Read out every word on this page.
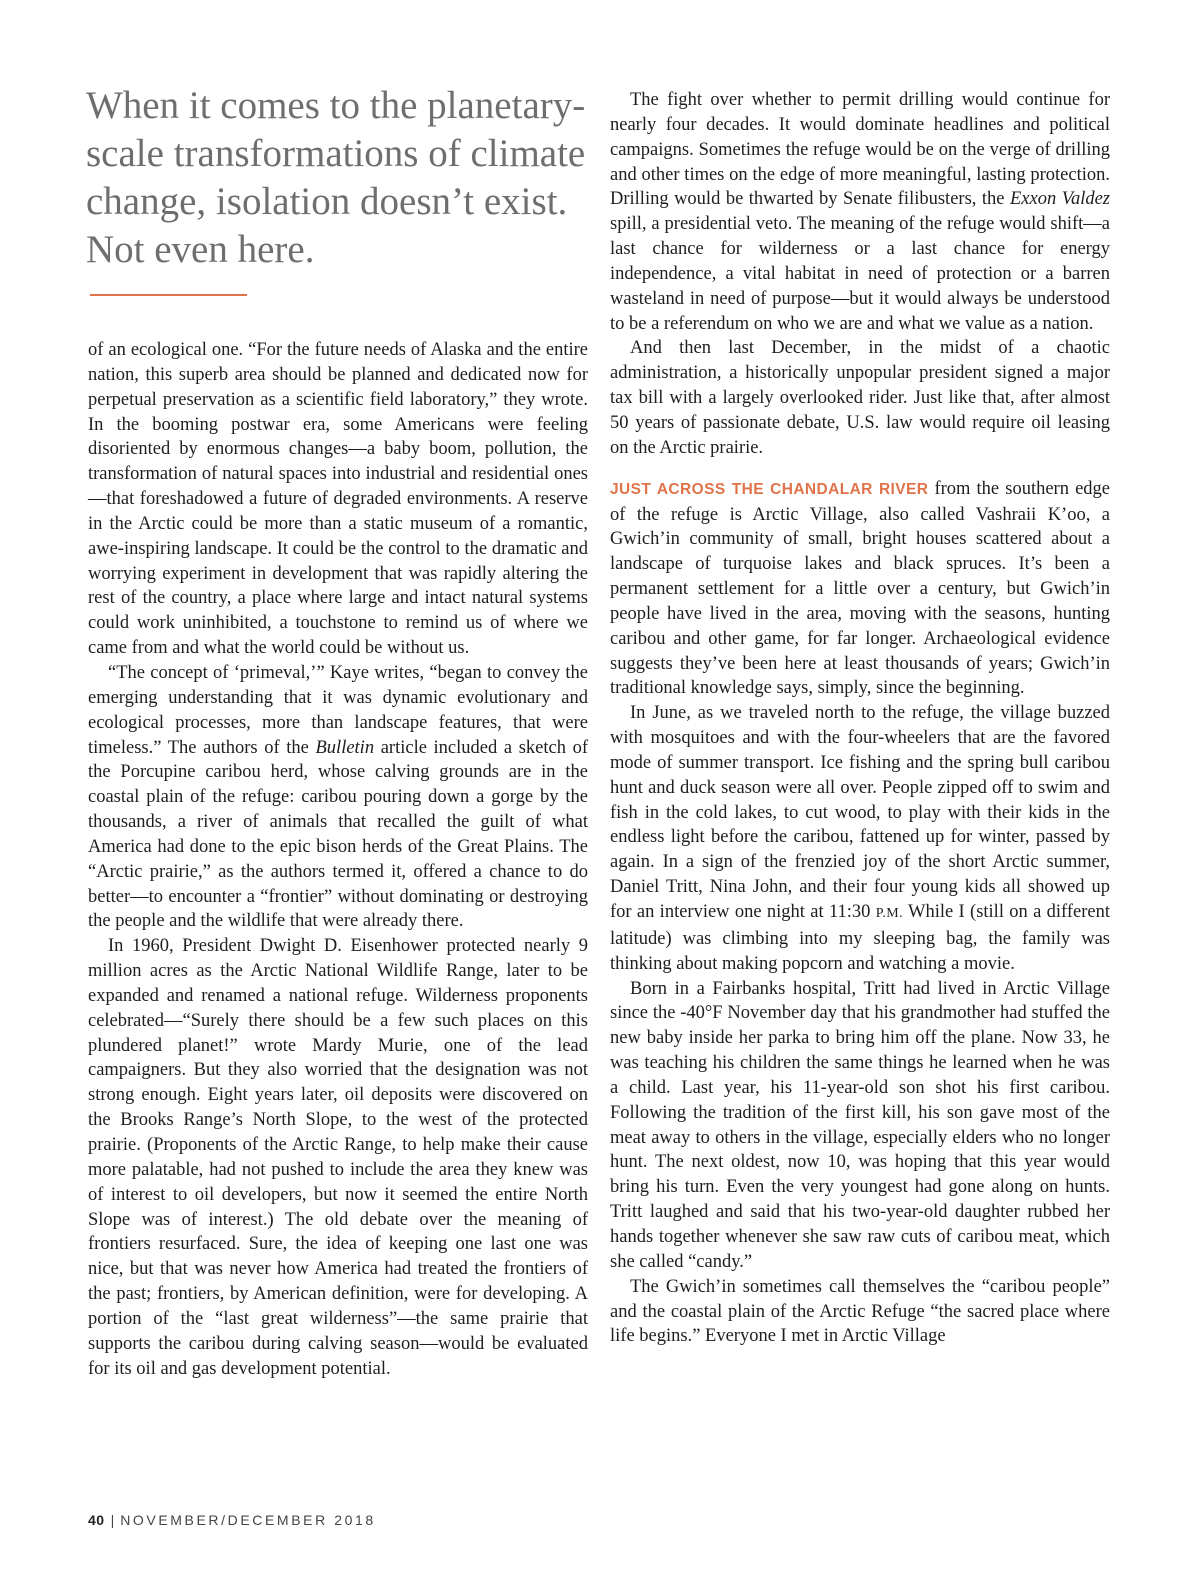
When it comes to the planetary-scale transformations of climate change, isolation doesn’t exist. Not even here.

of an ecological one. “For the future needs of Alaska and the entire nation, this superb area should be planned and dedicated now for perpetual preservation as a scientific field laboratory,” they wrote. In the booming postwar era, some Americans were feeling disoriented by enormous changes—a baby boom, pollution, the transformation of natural spaces into industrial and residential ones—that foreshadowed a future of degraded environments. A reserve in the Arctic could be more than a static museum of a romantic, awe-inspiring landscape. It could be the control to the dramatic and worrying experiment in development that was rapidly altering the rest of the country, a place where large and intact natural systems could work uninhibited, a touchstone to remind us of where we came from and what the world could be without us.

“The concept of ‘primeval,’” Kaye writes, “began to convey the emerging understanding that it was dynamic evolutionary and ecological processes, more than landscape features, that were timeless.” The authors of the Bulletin article included a sketch of the Porcupine caribou herd, whose calving grounds are in the coastal plain of the refuge: caribou pouring down a gorge by the thousands, a river of animals that recalled the guilt of what America had done to the epic bison herds of the Great Plains. The “Arctic prairie,” as the authors termed it, offered a chance to do better—to encounter a “frontier” without dominating or destroying the people and the wildlife that were already there.

In 1960, President Dwight D. Eisenhower protected nearly 9 million acres as the Arctic National Wildlife Range, later to be expanded and renamed a national refuge. Wilderness proponents celebrated—“Surely there should be a few such places on this plundered planet!” wrote Mardy Murie, one of the lead campaigners. But they also worried that the designation was not strong enough. Eight years later, oil deposits were discovered on the Brooks Range’s North Slope, to the west of the protected prairie. (Proponents of the Arctic Range, to help make their cause more palatable, had not pushed to include the area they knew was of interest to oil developers, but now it seemed the entire North Slope was of interest.) The old debate over the meaning of frontiers resurfaced. Sure, the idea of keeping one last one was nice, but that was never how America had treated the frontiers of the past; frontiers, by American definition, were for developing. A portion of the “last great wilderness”—the same prairie that supports the caribou during calving season—would be evaluated for its oil and gas development potential.

The fight over whether to permit drilling would continue for nearly four decades. It would dominate headlines and political campaigns. Sometimes the refuge would be on the verge of drilling and other times on the edge of more meaningful, lasting protection. Drilling would be thwarted by Senate filibusters, the Exxon Valdez spill, a presidential veto. The meaning of the refuge would shift—a last chance for wilderness or a last chance for energy independence, a vital habitat in need of protection or a barren wasteland in need of purpose—but it would always be understood to be a referendum on who we are and what we value as a nation.

And then last December, in the midst of a chaotic administration, a historically unpopular president signed a major tax bill with a largely overlooked rider. Just like that, after almost 50 years of passionate debate, U.S. law would require oil leasing on the Arctic prairie.

JUST ACROSS THE CHANDALAR RIVER from the southern edge of the refuge is Arctic Village, also called Vashraii K’oo, a Gwich’in community of small, bright houses scattered about a landscape of turquoise lakes and black spruces. It’s been a permanent settlement for a little over a century, but Gwich’in people have lived in the area, moving with the seasons, hunting caribou and other game, for far longer. Archaeological evidence suggests they’ve been here at least thousands of years; Gwich’in traditional knowledge says, simply, since the beginning.

In June, as we traveled north to the refuge, the village buzzed with mosquitoes and with the four-wheelers that are the favored mode of summer transport. Ice fishing and the spring bull caribou hunt and duck season were all over. People zipped off to swim and fish in the cold lakes, to cut wood, to play with their kids in the endless light before the caribou, fattened up for winter, passed by again. In a sign of the frenzied joy of the short Arctic summer, Daniel Tritt, Nina John, and their four young kids all showed up for an interview one night at 11:30 P.M. While I (still on a different latitude) was climbing into my sleeping bag, the family was thinking about making popcorn and watching a movie.

Born in a Fairbanks hospital, Tritt had lived in Arctic Village since the -40°F November day that his grandmother had stuffed the new baby inside her parka to bring him off the plane. Now 33, he was teaching his children the same things he learned when he was a child. Last year, his 11-year-old son shot his first caribou. Following the tradition of the first kill, his son gave most of the meat away to others in the village, especially elders who no longer hunt. The next oldest, now 10, was hoping that this year would bring his turn. Even the very youngest had gone along on hunts. Tritt laughed and said that his two-year-old daughter rubbed her hands together whenever she saw raw cuts of caribou meat, which she called “candy.”

The Gwich’in sometimes call themselves the “caribou people” and the coastal plain of the Arctic Refuge “the sacred place where life begins.” Everyone I met in Arctic Village

40 | NOVEMBER/DECEMBER 2018
